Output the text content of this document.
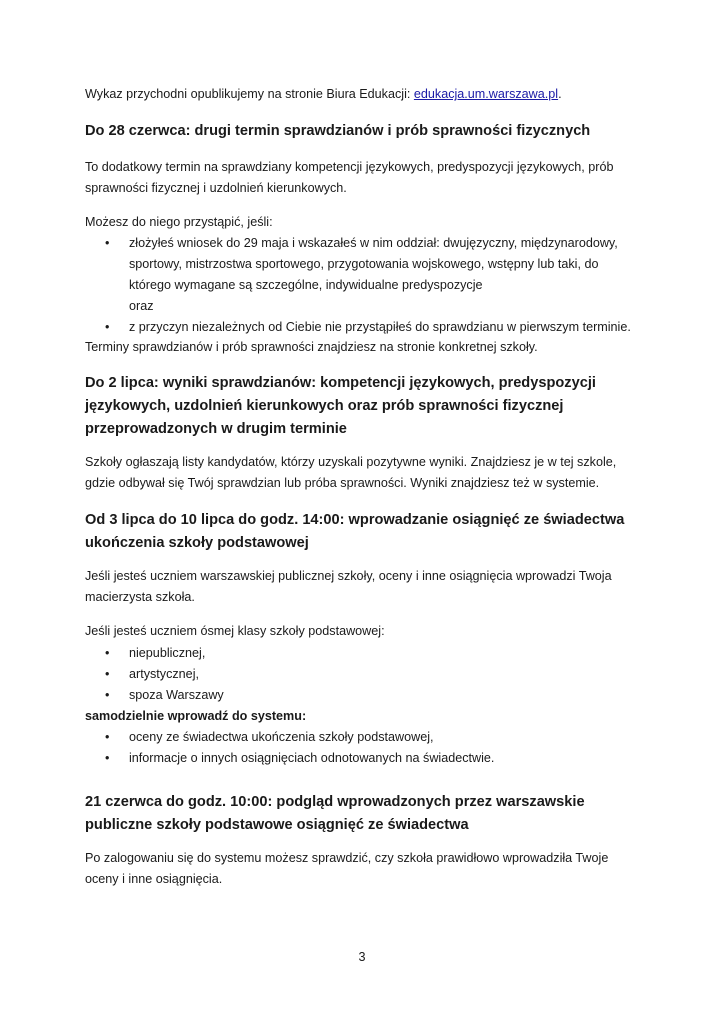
Wykaz przychodni opublikujemy na stronie Biura Edukacji: edukacja.um.warszawa.pl.

Do 28 czerwca: drugi termin sprawdzianów i prób sprawności fizycznych

To dodatkowy termin na sprawdziany kompetencji językowych, predyspozycji językowych, prób sprawności fizycznej i uzdolnień kierunkowych.

Możesz do niego przystąpić, jeśli:

• złożyłeś wniosek do 29 maja i wskazałeś w nim oddział: dwujęzyczny, międzynarodowy,
sportowy, mistrzostwa sportowego, przygotowania wojskowego, wstępny lub taki, do
którego wymagane są szczególne, indywidualne predyspozycje
oraz
• z przyczyn niezależnych od Ciebie nie przystąpiłeś do sprawdzianu w pierwszym terminie.

Terminy sprawdzianów i prób sprawności znajdziesz na stronie konkretnej szkoły.

Do 2 lipca: wyniki sprawdzianów: kompetencji językowych, predyspozycji językowych, uzdolnień kierunkowych oraz prób sprawności fizycznej przeprowadzonych w drugim terminie

Szkoły ogłaszają listy kandydatów, którzy uzyskali pozytywne wyniki. Znajdziesz je w tej szkole, gdzie odbywał się Twój sprawdzian lub próba sprawności. Wyniki znajdziesz też w systemie.

Od 3 lipca do 10 lipca do godz. 14:00: wprowadzanie osiągnięć ze świadectwa ukończenia szkoły podstawowej

Jeśli jesteś uczniem warszawskiej publicznej szkoły, oceny i inne osiągnięcia wprowadzi Twoja macierzysta szkoła.

Jeśli jesteś uczniem ósmej klasy szkoły podstawowej:

• niepublicznej,
• artystycznej,
• spoza Warszawy

samodzielnie wprowadź do systemu:

• oceny ze świadectwa ukończenia szkoły podstawowej,
• informacje o innych osiągnięciach odnotowanych na świadectwie.
21 czerwca do godz. 10:00: podgląd wprowadzonych przez warszawskie publiczne szkoły podstawowe osiągnięć ze świadectwa

Po zalogowaniu się do systemu możesz sprawdzić, czy szkoła prawidłowo wprowadziła Twoje oceny i inne osiągnięcia.

3
